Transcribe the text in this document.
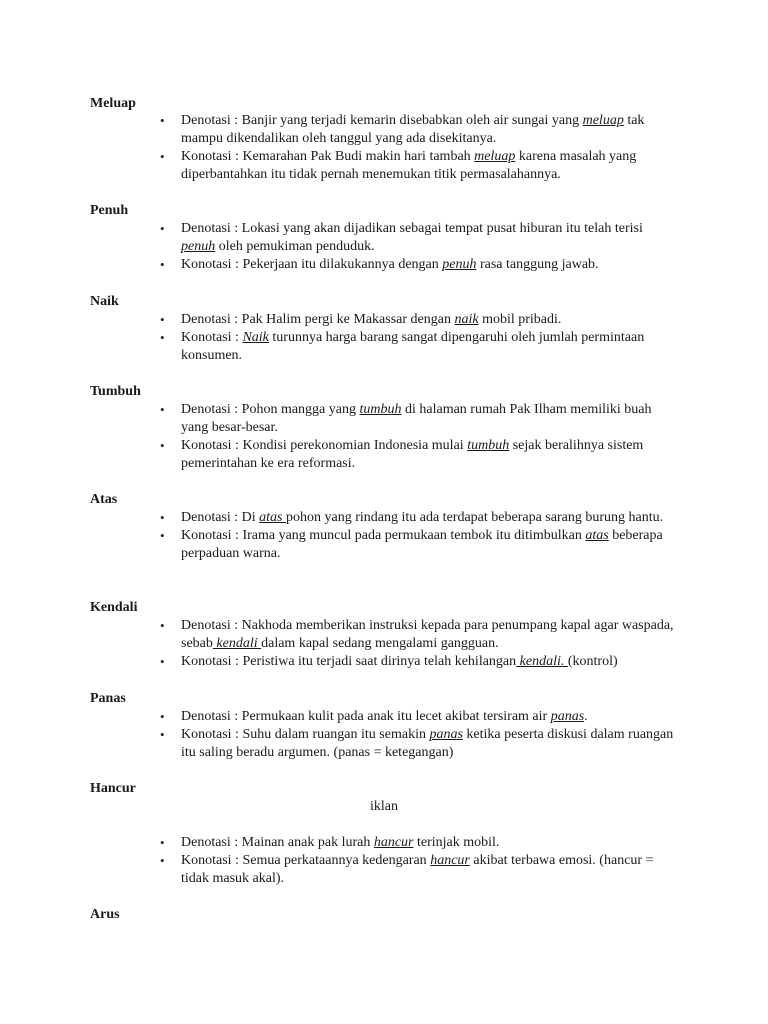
Meluap
•	Denotasi : Banjir yang terjadi kemarin disebabkan oleh air sungai yang meluap tak mampu dikendalikan oleh tanggul yang ada disekitanya.
•	Konotasi : Kemarahan Pak Budi makin hari tambah meluap karena masalah yang diperbantahkan itu tidak pernah menemukan titik permasalahannya.
Penuh
•	Denotasi : Lokasi yang akan dijadikan sebagai tempat pusat hiburan itu telah terisi penuh oleh pemukiman penduduk.
•	Konotasi : Pekerjaan itu dilakukannya dengan penuh rasa tanggung jawab.
Naik
•	Denotasi : Pak Halim pergi ke Makassar dengan naik mobil pribadi.
•	Konotasi : Naik turunnya harga barang sangat dipengaruhi oleh jumlah permintaan konsumen.
Tumbuh
•	Denotasi : Pohon mangga yang tumbuh di halaman rumah Pak Ilham memiliki buah yang besar-besar.
•	Konotasi : Kondisi perekonomian Indonesia mulai tumbuh sejak beralihnya sistem pemerintahan ke era reformasi.
Atas
•	Denotasi : Di atas pohon yang rindang itu ada terdapat beberapa sarang burung hantu.
•	Konotasi : Irama yang muncul pada permukaan tembok itu ditimbulkan atas beberapa perpaduan warna.
Kendali
•	Denotasi : Nakhoda memberikan instruksi kepada para penumpang kapal agar waspada, sebab kendali dalam kapal sedang mengalami gangguan.
•	Konotasi : Peristiwa itu terjadi saat dirinya telah kehilangan kendali. (kontrol)
Panas
•	Denotasi : Permukaan kulit pada anak itu lecet akibat tersiram air panas.
•	Konotasi : Suhu dalam ruangan itu semakin panas ketika peserta diskusi dalam ruangan itu saling beradu argumen. (panas = ketegangan)
Hancur
•	Denotasi : Mainan anak pak lurah hancur terinjak mobil.
•	Konotasi : Semua perkataannya kedengaran hancur akibat terbawa emosi. (hancur = tidak masuk akal).
Arus
iklan
